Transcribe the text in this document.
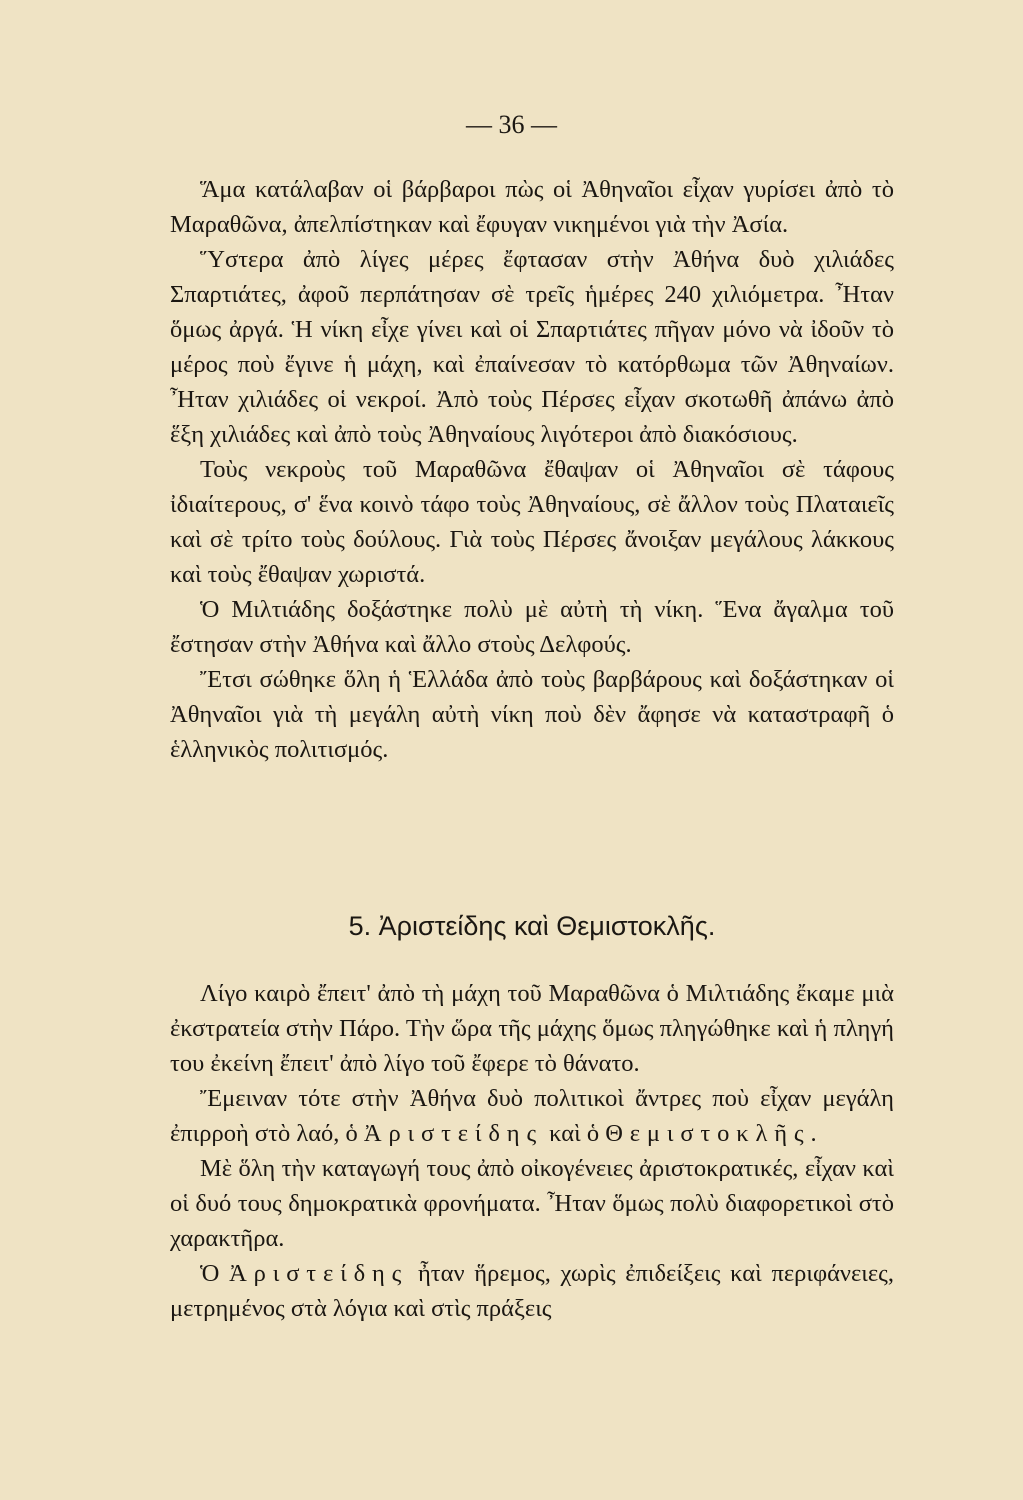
— 36 —

Ἅμα κατάλαβαν οἱ βάρβαροι πὼς οἱ Ἀθηναῖοι εἶχαν γυρίσει ἀπὸ τὸ Μαραθῶνα, ἀπελπίστηκαν καὶ ἔφυγαν νικημένοι γιὰ τὴν Ἀσία.

Ὕστερα ἀπὸ λίγες μέρες ἔφτασαν στὴν Ἀθήνα δυὸ χιλιάδες Σπαρτιάτες, ἀφοῦ περπάτησαν σὲ τρεῖς ἡμέρες 240 χιλιόμετρα. Ἦταν ὅμως ἀργά. Ἡ νίκη εἶχε γίνει καὶ οἱ Σπαρτιάτες πῆγαν μόνο νὰ ἰδοῦν τὸ μέρος ποὺ ἔγινε ἡ μάχη, καὶ ἐπαίνεσαν τὸ κατόρθωμα τῶν Ἀθηναίων. Ἦταν χιλιάδες οἱ νεκροί. Ἀπὸ τοὺς Πέρσες εἶχαν σκοτωθῆ ἀπάνω ἀπὸ ἕξη χιλιάδες καὶ ἀπὸ τοὺς Ἀθηναίους λιγότεροι ἀπὸ διακόσιους.

Τοὺς νεκροὺς τοῦ Μαραθῶνα ἔθαψαν οἱ Ἀθηναῖοι σὲ τάφους ἰδιαίτερους, σ' ἕνα κοινὸ τάφο τοὺς Ἀθηναίους, σὲ ἄλλον τοὺς Πλαταιεῖς καὶ σὲ τρίτο τοὺς δούλους. Γιὰ τοὺς Πέρσες ἄνοιξαν μεγάλους λάκκους καὶ τοὺς ἔθαψαν χωριστά.

Ὁ Μιλτιάδης δοξάστηκε πολὺ μὲ αὐτὴ τὴ νίκη. Ἕνα ἄγαλμα τοῦ ἔστησαν στὴν Ἀθήνα καὶ ἄλλο στοὺς Δελφούς.

Ἔτσι σώθηκε ὅλη ἡ Ἑλλάδα ἀπὸ τοὺς βαρβάρους καὶ δοξάστηκαν οἱ Ἀθηναῖοι γιὰ τὴ μεγάλη αὐτὴ νίκη ποὺ δὲν ἄφησε νὰ καταστραφῆ ὁ ἑλληνικὸς πολιτισμός.

5. Ἀριστείδης καὶ Θεμιστοκλῆς.

Λίγο καιρὸ ἔπειτ' ἀπὸ τὴ μάχη τοῦ Μαραθῶνα ὁ Μιλτιάδης ἔκαμε μιὰ ἐκστρατεία στὴν Πάρο. Τὴν ὥρα τῆς μάχης ὅμως πληγώθηκε καὶ ἡ πληγή του ἐκείνη ἔπειτ' ἀπὸ λίγο τοῦ ἔφερε τὸ θάνατο.

Ἔμειναν τότε στὴν Ἀθήνα δυὸ πολιτικοὶ ἄντρες ποὺ εἶχαν μεγάλη ἐπιρροὴ στὸ λαό, ὁ Ἀριστείδης καὶ ὁ Θεμιστοκλῆς.

Μὲ ὅλη τὴν καταγωγή τους ἀπὸ οἰκογένειες ἀριστοκρατικές, εἶχαν καὶ οἱ δυό τους δημοκρατικὰ φρονήματα. Ἦταν ὅμως πολὺ διαφορετικοὶ στὸ χαρακτῆρα.

Ὁ Ἀριστείδης ἦταν ἥρεμος, χωρὶς ἐπιδείξεις καὶ περιφάνειες, μετρημένος στὰ λόγια καὶ στὶς πράξεις
